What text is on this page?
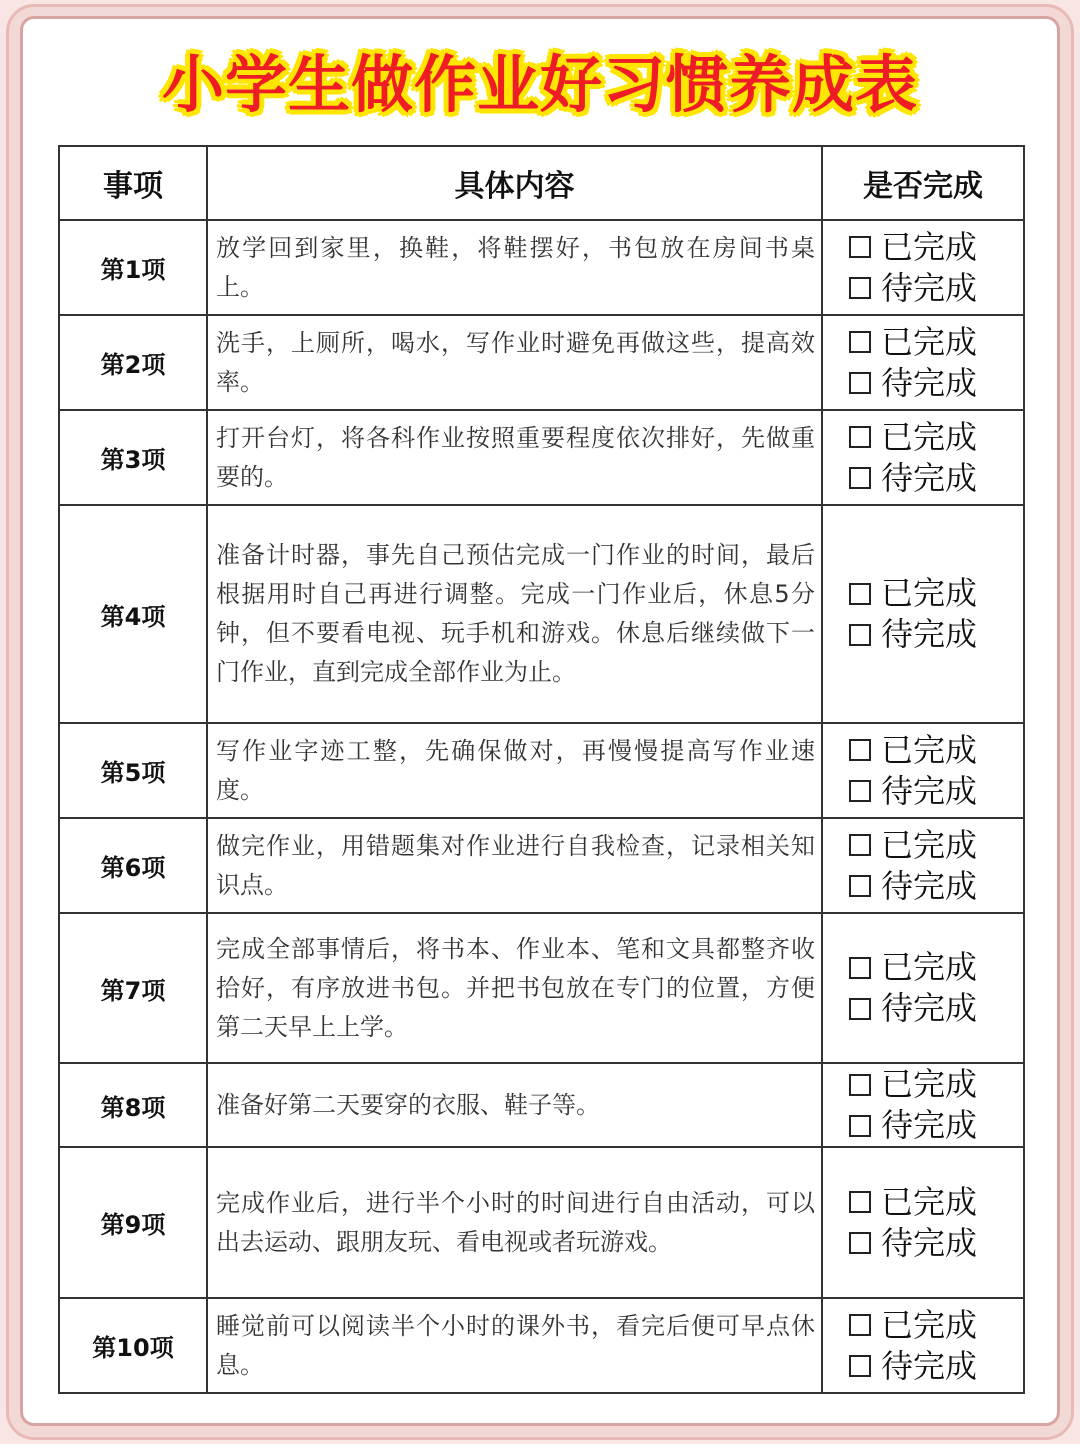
小学生做作业好习惯养成表
事项	具体内容	是否完成
第1项	放学回到家里，换鞋，将鞋摆好，书包放在房间书桌上。	已完成
待完成

第2项	洗手，上厕所，喝水，写作业时避免再做这些，提高效率。	已完成
待完成

第3项	打开台灯，将各科作业按照重要程度依次排好，先做重要的。	已完成
待完成

第4项	准备计时器，事先自己预估完成一门作业的时间，最后根据用时自己再进行调整。完成一门作业后，休息5分钟，但不要看电视、玩手机和游戏。休息后继续做下一门作业，直到完成全部作业为止。	已完成
待完成

第5项	写作业字迹工整，先确保做对，再慢慢提高写作业速度。	已完成
待完成

第6项	做完作业，用错题集对作业进行自我检查，记录相关知识点。	已完成
待完成

第7项	完成全部事情后，将书本、作业本、笔和文具都整齐收拾好，有序放进书包。并把书包放在专门的位置，方便第二天早上上学。	已完成
待完成

第8项	准备好第二天要穿的衣服、鞋子等。	已完成
待完成

第9项	完成作业后，进行半个小时的时间进行自由活动，可以出去运动、跟朋友玩、看电视或者玩游戏。	已完成
待完成

第10项	睡觉前可以阅读半个小时的课外书，看完后便可早点休息。	已完成
待完成
